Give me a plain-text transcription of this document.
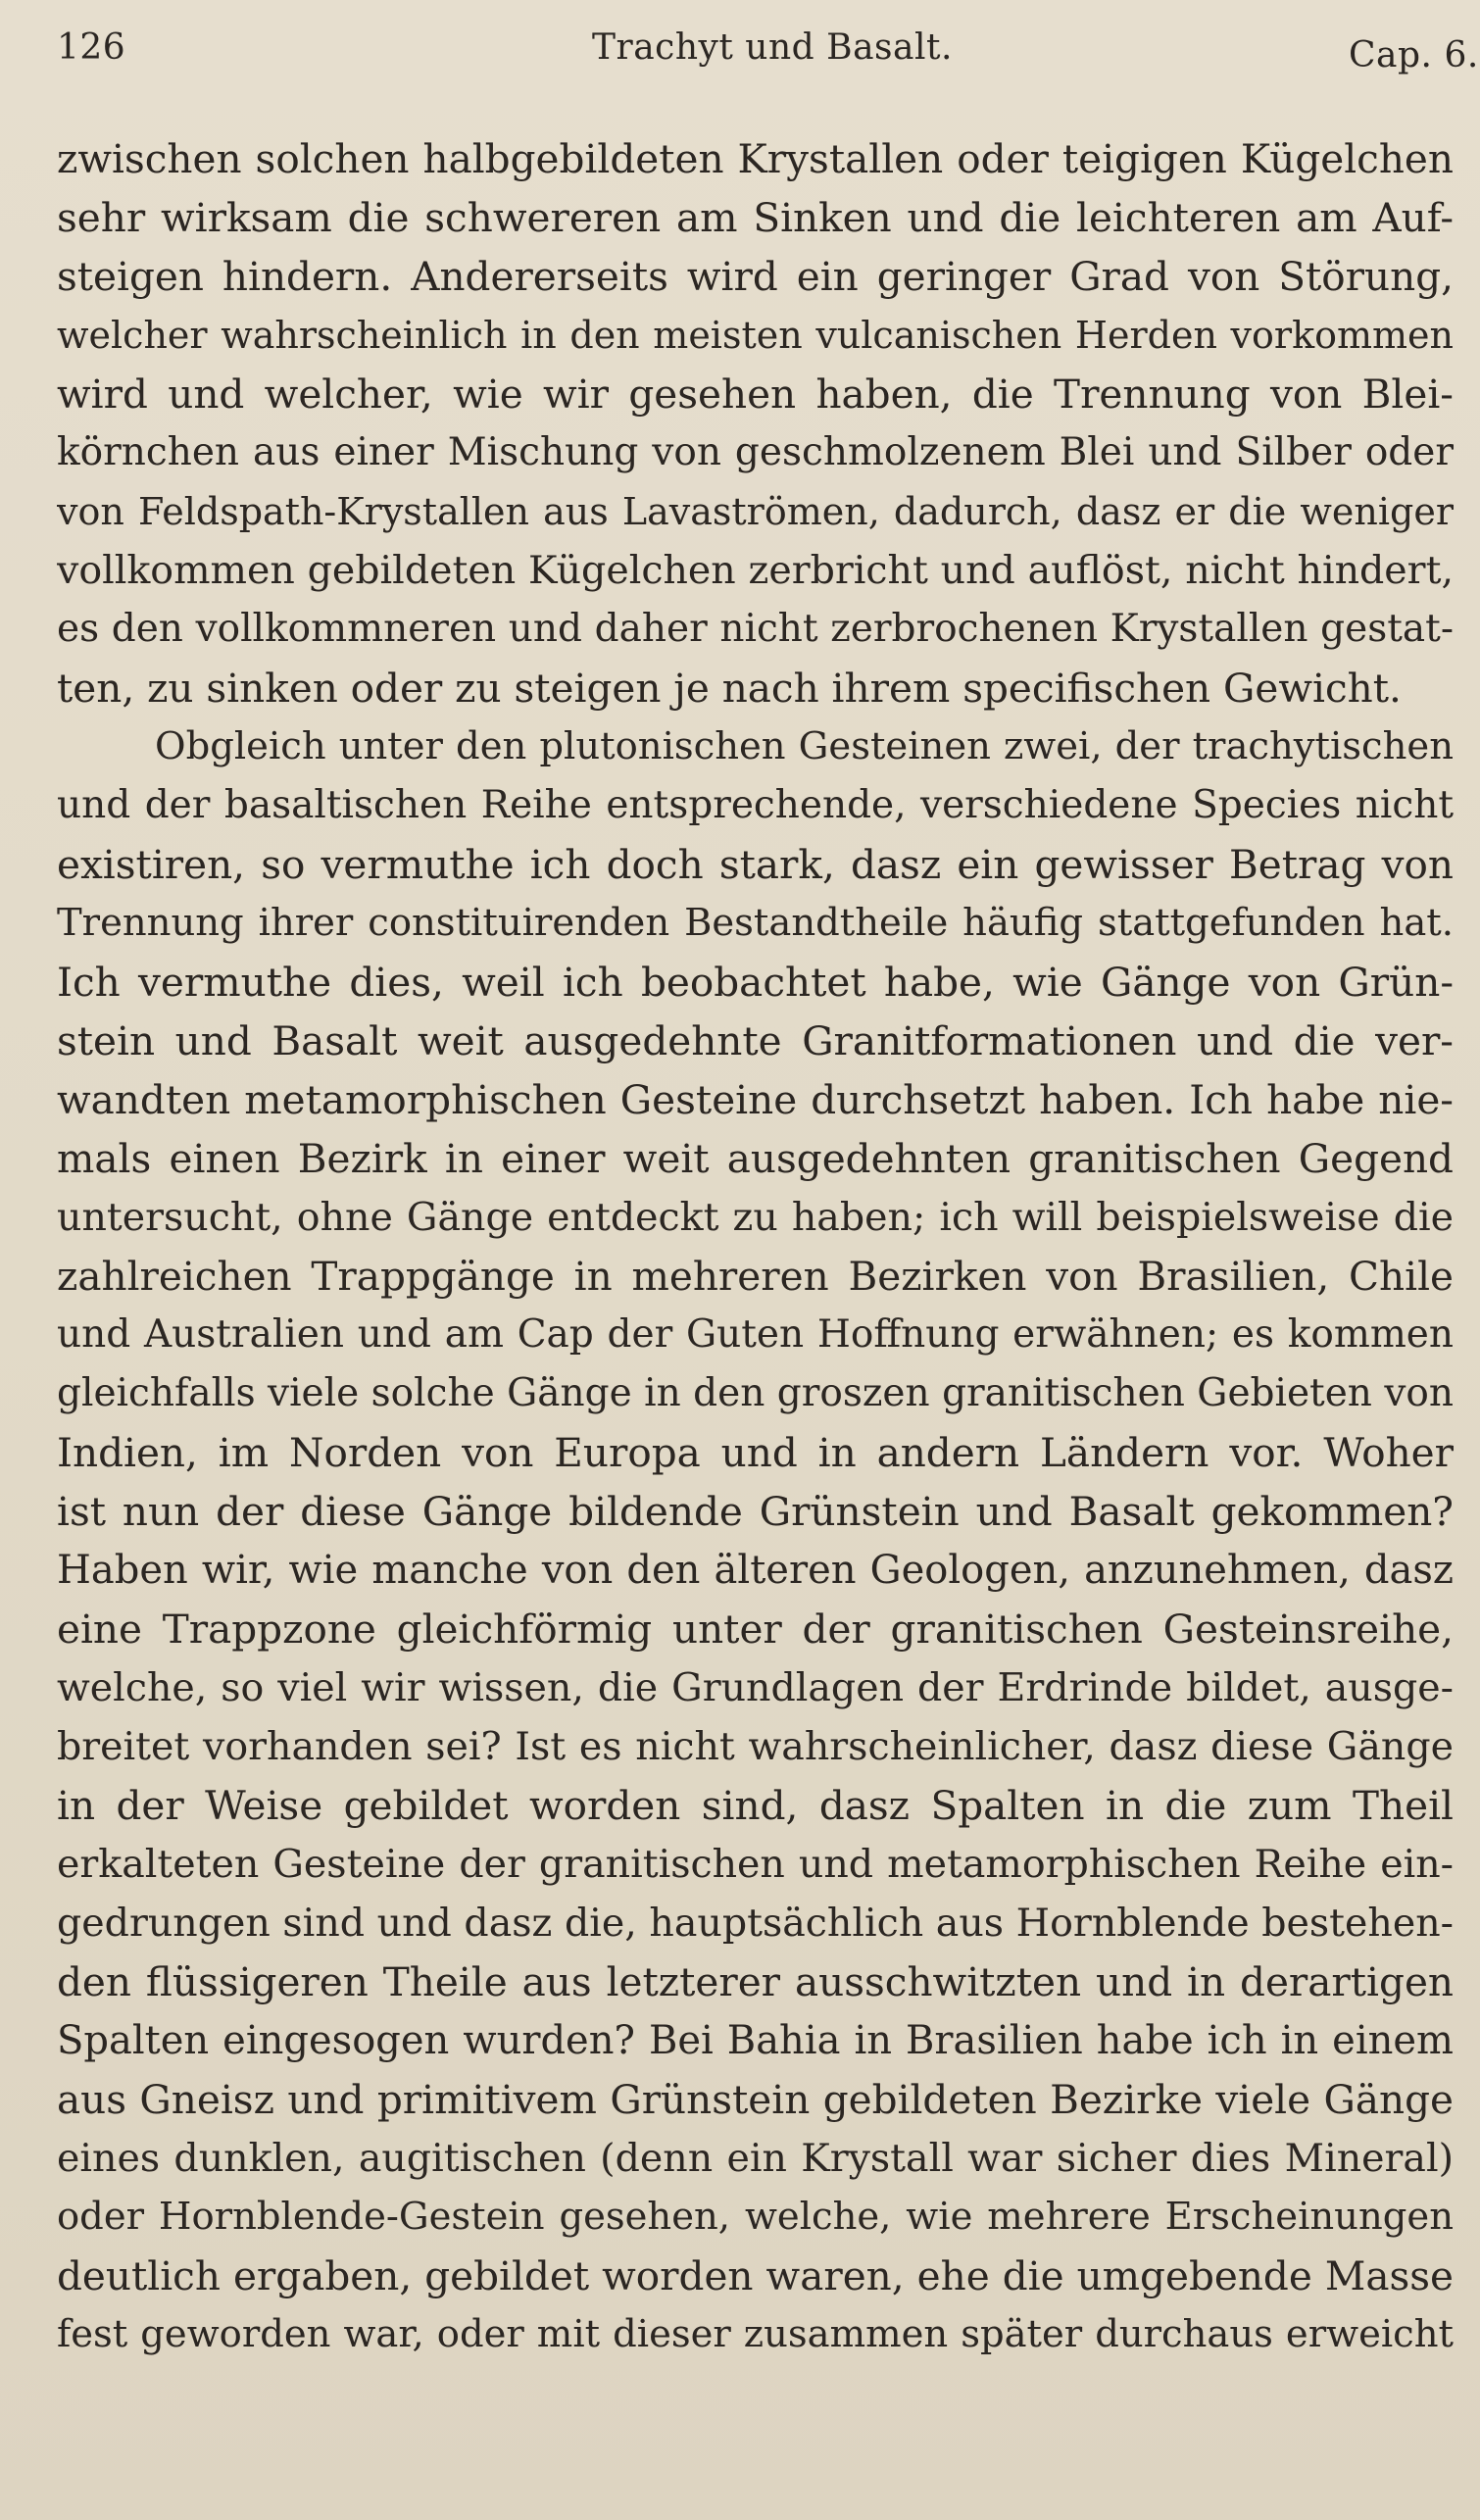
126	Trachyt und Basalt.	Cap. 6.
zwischen solchen halbgebildeten Krystallen oder teigigen Kügelchen
sehr wirksam die schwereren am Sinken und die leichteren am Auf-
steigen hindern. Andererseits wird ein geringer Grad von Störung,
welcher wahrscheinlich in den meisten vulcanischen Herden vorkommen
wird und welcher, wie wir gesehen haben, die Trennung von Blei-
körnchen aus einer Mischung von geschmolzenem Blei und Silber oder
von Feldspath-Krystallen aus Lavaströmen, dadurch, dasz er die weniger
vollkommen gebildeten Kügelchen zerbricht und auflöst, nicht hindert,
es den vollkommneren und daher nicht zerbrochenen Krystallen gestat-
ten, zu sinken oder zu steigen je nach ihrem specifischen Gewicht.
Obgleich unter den plutonischen Gesteinen zwei, der trachytischen
und der basaltischen Reihe entsprechende, verschiedene Species nicht
existiren, so vermuthe ich doch stark, dasz ein gewisser Betrag von
Trennung ihrer constituirenden Bestandtheile häufig stattgefunden hat.
Ich vermuthe dies, weil ich beobachtet habe, wie Gänge von Grün-
stein und Basalt weit ausgedehnte Granitformationen und die ver-
wandten metamorphischen Gesteine durchsetzt haben. Ich habe nie-
mals einen Bezirk in einer weit ausgedehnten granitischen Gegend
untersucht, ohne Gänge entdeckt zu haben; ich will beispielsweise die
zahlreichen Trappgänge in mehreren Bezirken von Brasilien, Chile
und Australien und am Cap der Guten Hoffnung erwähnen; es kommen
gleichfalls viele solche Gänge in den groszen granitischen Gebieten von
Indien, im Norden von Europa und in andern Ländern vor. Woher
ist nun der diese Gänge bildende Grünstein und Basalt gekommen?
Haben wir, wie manche von den älteren Geologen, anzunehmen, dasz
eine Trappzone gleichförmig unter der granitischen Gesteinsreihe,
welche, so viel wir wissen, die Grundlagen der Erdrinde bildet, ausge-
breitet vorhanden sei? Ist es nicht wahrscheinlicher, dasz diese Gänge
in der Weise gebildet worden sind, dasz Spalten in die zum Theil
erkalteten Gesteine der granitischen und metamorphischen Reihe ein-
gedrungen sind und dasz die, hauptsächlich aus Hornblende bestehen-
den flüssigeren Theile aus letzterer ausschwitzten und in derartigen
Spalten eingesogen wurden? Bei Bahia in Brasilien habe ich in einem
aus Gneisz und primitivem Grünstein gebildeten Bezirke viele Gänge
eines dunklen, augitischen (denn ein Krystall war sicher dies Mineral)
oder Hornblende-Gestein gesehen, welche, wie mehrere Erscheinungen
deutlich ergaben, gebildet worden waren, ehe die umgebende Masse
fest geworden war, oder mit dieser zusammen später durchaus erweicht
